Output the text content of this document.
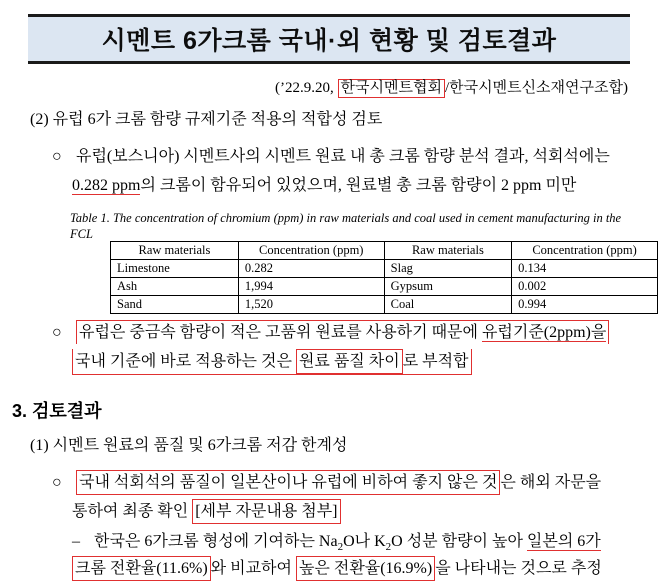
시멘트 6가크롬 국내·외 현황 및 검토결과
(’22.9.20, 한국시멘트협회 /한국시멘트신소재연구조합)
(2) 유럽 6가 크롬 함량 규제기준 적용의 적합성 검토
○ 유럽(보스니아) 시멘트사의 시멘트 원료 내 총 크롬 함량 분석 결과, 석회석에는
0.282 ppm의 크롬이 함유되어 있었으며, 원료별 총 크롬 함량이 2 ppm 미만
Table 1. The concentration of chromium (ppm) in raw materials and coal used in cement manufacturing in the FCL
Raw materials	Concentration (ppm)	Raw materials	Concentration (ppm)
Limestone	0.282	Slag	0.134
Ash	1,994	Gypsum	0.002
Sand	1,520	Coal	0.994
○ 유럽은 중금속 함량이 적은 고품위 원료를 사용하기 때문에 유럽기준(2ppm)을
국내 기준에 바로 적용하는 것은 원료 품질 차이 로 부적합
3. 검토결과
(1) 시멘트 원료의 품질 및 6가크롬 저감 한계성
○ 국내 석회석의 품질이 일본산이나 유럽에 비하여 좋지 않은 것 은 해외 자문을
통하여 최종 확인 [세부 자문내용 첨부]
– 한국은 6가크롬 형성에 기여하는 $Na_2O$나 $K_2O$ 성분 함량이 높아 일본의 6가
크롬 전환율(11.6%) 와 비교하여 높은 전환율(16.9%) 을 나타내는 것으로 추정
